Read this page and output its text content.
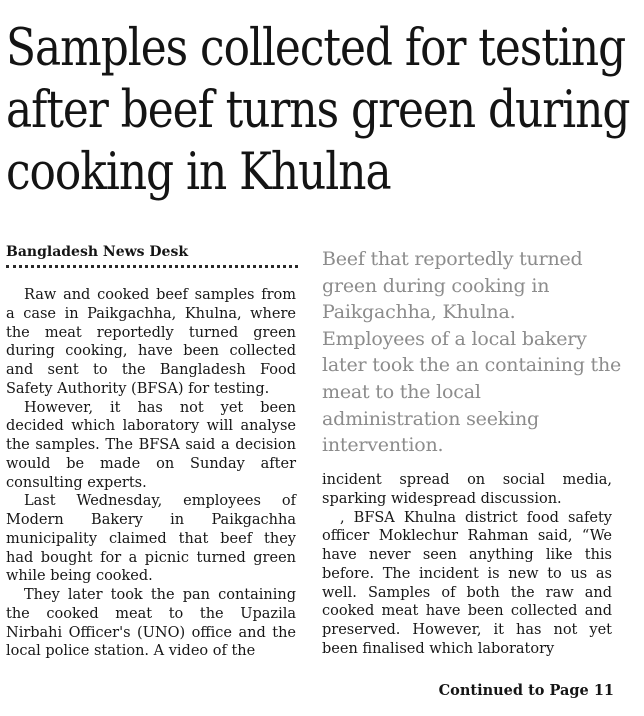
Samples collected for testing
after beef turns green during
cooking in Khulna
Bangladesh News Desk	Beef that reportedly turned green during cooking in Paikgachha, Khulna. Employees of a local bakery later took the an containing the meat to the local administration seeking intervention.

Raw and cooked beef samples from a case in Paikgachha, Khulna, where the meat reportedly turned green during cooking, have been collected and sent to the Bangladesh Food Safety Authority (BFSA) for testing.

However, it has not yet been decided which laboratory will analyse the samples. The BFSA said a decision would be made on Sunday after consulting experts.

Last Wednesday, employees of Modern Bakery in Paikgachha municipality claimed that beef they had bought for a picnic turned green while being cooked.

They later took the pan containing the cooked meat to the Upazila Nirbahi Officer's (UNO) office and the local police station. A video of the

incident spread on social media, sparking widespread discussion.

, BFSA Khulna district food safety officer Moklechur Rahman said, “We have never seen anything like this before. The incident is new to us as well. Samples of both the raw and cooked meat have been collected and preserved. However, it has not yet been finalised which laboratory

Continued to Page 11
